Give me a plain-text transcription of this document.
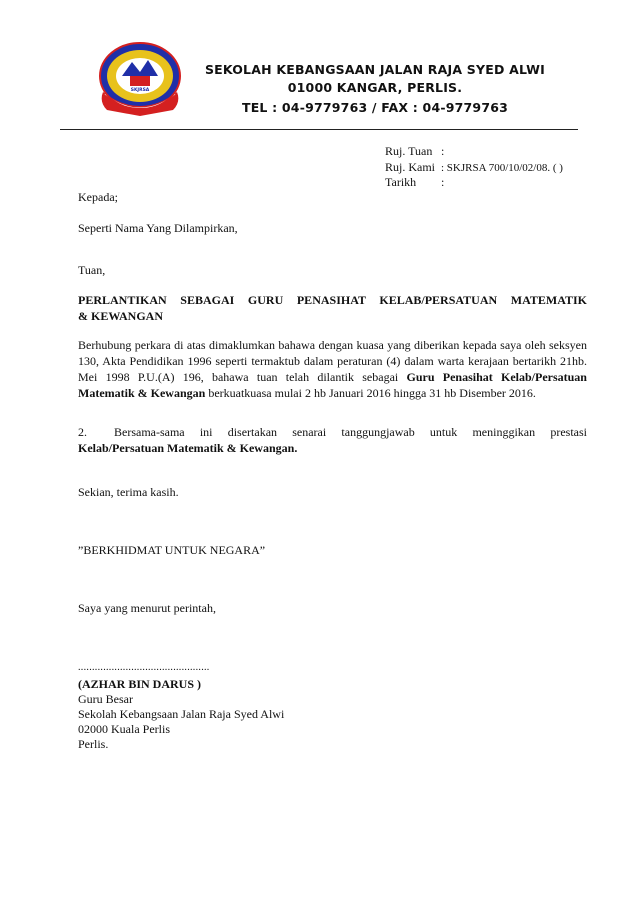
SKJRSA
SEKOLAH KEBANGSAAN JALAN RAJA SYED ALWI
01000 KANGAR, PERLIS.
TEL : 04-9779763 / FAX : 04-9779763
Ruj. Tuan :
Ruj. Kami : SKJRSA 700/10/02/08. ( )
Tarikh :
Kepada;
Seperti Nama Yang Dilampirkan,
Tuan,
PERLANTIKAN SEBAGAI GURU PENASIHAT KELAB/PERSATUAN MATEMATIK
& KEWANGAN
Berhubung perkara di atas dimaklumkan bahawa dengan kuasa yang diberikan kepada saya oleh seksyen 130, Akta Pendidikan 1996 seperti termaktub dalam peraturan (4) dalam warta kerajaan bertarikh 21hb. Mei 1998 P.U.(A) 196, bahawa tuan telah dilantik sebagai Guru Penasihat Kelab/Persatuan Matematik & Kewangan berkuatkuasa mulai 2 hb Januari 2016 hingga 31 hb Disember 2016.
2. Bersama-sama ini disertakan senarai tanggungjawab untuk meninggikan prestasi Kelab/Persatuan Matematik & Kewangan.
Sekian, terima kasih.
”BERKHIDMAT UNTUK NEGARA”
Saya yang menurut perintah,
...............................................
(AZHAR BIN DARUS )
Guru Besar
Sekolah Kebangsaan Jalan Raja Syed Alwi
02000 Kuala Perlis
Perlis.
